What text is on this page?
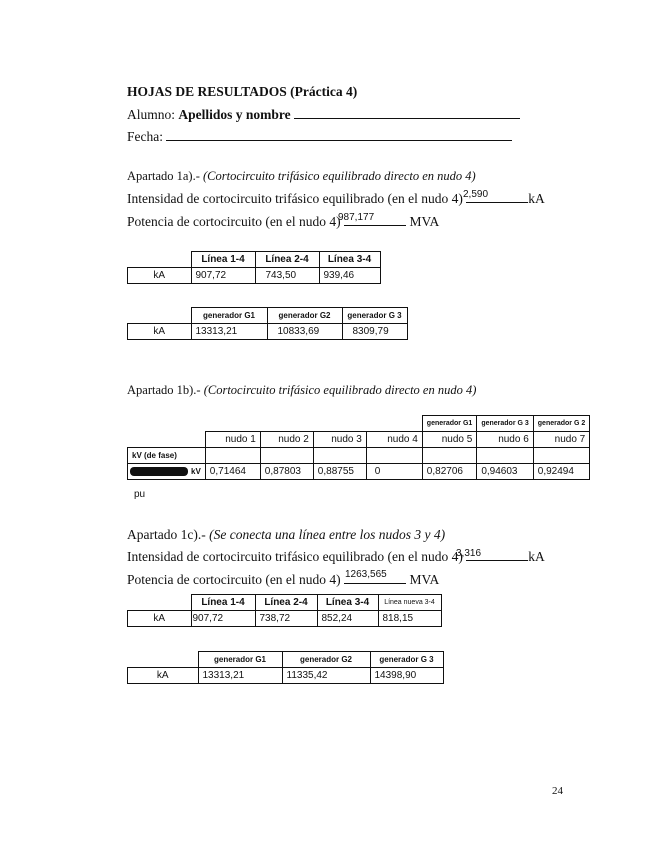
HOJAS DE RESULTADOS (Práctica 4)
Alumno: Apellidos y nombre
Fecha:
Apartado 1a).- (Cortocircuito trifásico equilibrado directo en nudo 4)
Intensidad de cortocircuito trifásico equilibrado (en el nudo 4)	kA
2,590
Potencia de cortocircuito (en el nudo 4)	MVA
987,177
	Línea 1-4	Línea 2-4	Línea 3-4
kA	907,72	743,50	939,46
	generador G1	generador G2	generador G 3
kA	13313,21	10833,69	8309,79
Apartado 1b).- (Cortocircuito trifásico equilibrado directo en nudo 4)
					generador G1	generador G 3	generador G 2
	nudo 1	nudo 2	nudo 3	nudo 4	nudo 5	nudo 6	nudo 7
kV (de fase)							
kV	0,71464	0,87803	0,88755	0	0,82706	0,94603	0,92494
pu
Apartado 1c).- (Se conecta una línea entre los nudos 3 y 4)
Intensidad de cortocircuito trifásico equilibrado (en el nudo 4)	kA
3,316
Potencia de cortocircuito (en el nudo 4)	MVA
1263,565
	Línea 1-4	Línea 2-4	Línea 3-4	Línea nueva 3-4
kA	907,72	738,72	852,24	818,15
	generador G1	generador G2	generador G 3
kA	13313,21	11335,42	14398,90
24
